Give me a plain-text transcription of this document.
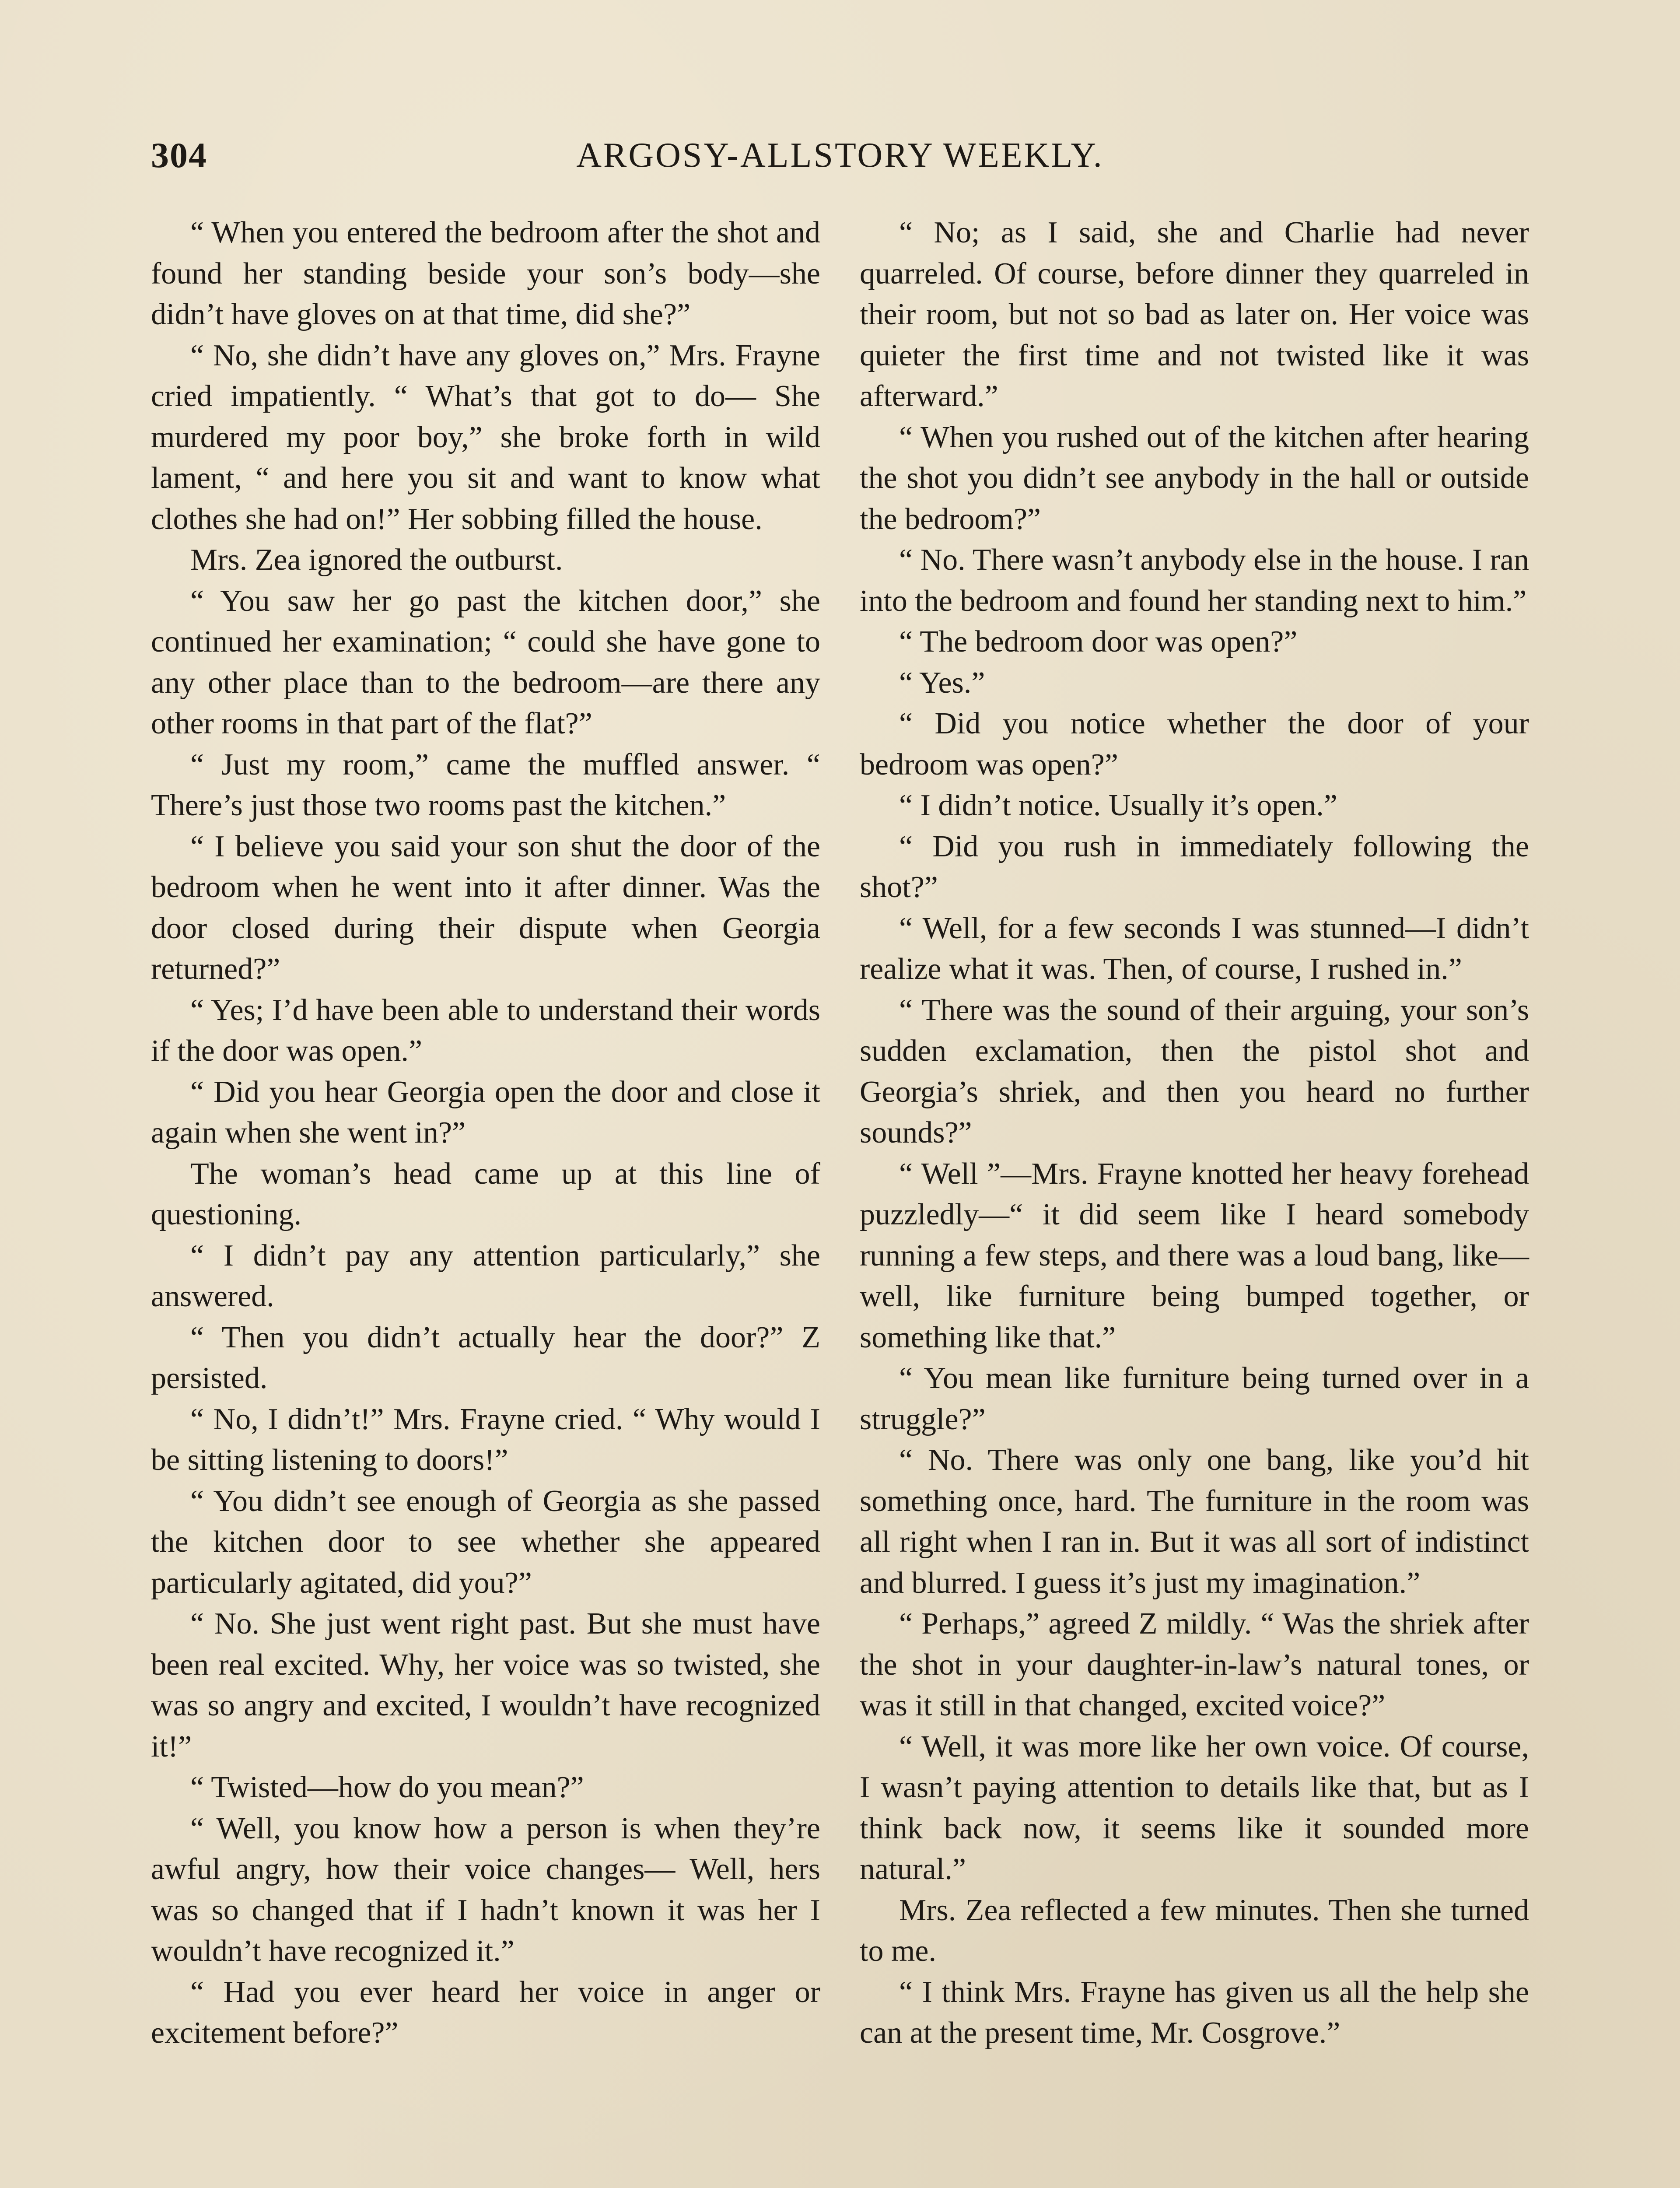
304	ARGOSY-ALLSTORY WEEKLY.

“ When you entered the bedroom after the shot and found her standing beside your son’s body—she didn’t have gloves on at that time, did she?”

“ No, she didn’t have any gloves on,” Mrs. Frayne cried impatiently. “ What’s that got to do— She murdered my poor boy,” she broke forth in wild lament, “ and here you sit and want to know what clothes she had on!” Her sobbing filled the house.

Mrs. Zea ignored the outburst.

“ You saw her go past the kitchen door,” she continued her examination; “ could she have gone to any other place than to the bedroom—are there any other rooms in that part of the flat?”

“ Just my room,” came the muffled answer. “ There’s just those two rooms past the kitchen.”

“ I believe you said your son shut the door of the bedroom when he went into it after dinner. Was the door closed during their dispute when Georgia returned?”

“ Yes; I’d have been able to understand their words if the door was open.”

“ Did you hear Georgia open the door and close it again when she went in?”

The woman’s head came up at this line of questioning.

“ I didn’t pay any attention particularly,” she answered.

“ Then you didn’t actually hear the door?” Z persisted.

“ No, I didn’t!” Mrs. Frayne cried. “ Why would I be sitting listening to doors!”

“ You didn’t see enough of Georgia as she passed the kitchen door to see whether she appeared particularly agitated, did you?”

“ No. She just went right past. But she must have been real excited. Why, her voice was so twisted, she was so angry and excited, I wouldn’t have recognized it!”

“ Twisted—how do you mean?”

“ Well, you know how a person is when they’re awful angry, how their voice changes— Well, hers was so changed that if I hadn’t known it was her I wouldn’t have recognized it.”

“ Had you ever heard her voice in anger or excitement before?”

“ No; as I said, she and Charlie had never quarreled. Of course, before dinner they quarreled in their room, but not so bad as later on. Her voice was quieter the first time and not twisted like it was afterward.”

“ When you rushed out of the kitchen after hearing the shot you didn’t see anybody in the hall or outside the bedroom?”

“ No. There wasn’t anybody else in the house. I ran into the bedroom and found her standing next to him.”

“ The bedroom door was open?”

“ Yes.”

“ Did you notice whether the door of your bedroom was open?”

“ I didn’t notice. Usually it’s open.”

“ Did you rush in immediately following the shot?”

“ Well, for a few seconds I was stunned—I didn’t realize what it was. Then, of course, I rushed in.”

“ There was the sound of their arguing, your son’s sudden exclamation, then the pistol shot and Georgia’s shriek, and then you heard no further sounds?”

“ Well ”—Mrs. Frayne knotted her heavy forehead puzzledly—“ it did seem like I heard somebody running a few steps, and there was a loud bang, like—well, like furniture being bumped together, or something like that.”

“ You mean like furniture being turned over in a struggle?”

“ No. There was only one bang, like you’d hit something once, hard. The furniture in the room was all right when I ran in. But it was all sort of indistinct and blurred. I guess it’s just my imagination.”

“ Perhaps,” agreed Z mildly. “ Was the shriek after the shot in your daughter-in-law’s natural tones, or was it still in that changed, excited voice?”

“ Well, it was more like her own voice. Of course, I wasn’t paying attention to details like that, but as I think back now, it seems like it sounded more natural.”

Mrs. Zea reflected a few minutes. Then she turned to me.

“ I think Mrs. Frayne has given us all the help she can at the present time, Mr. Cosgrove.”
